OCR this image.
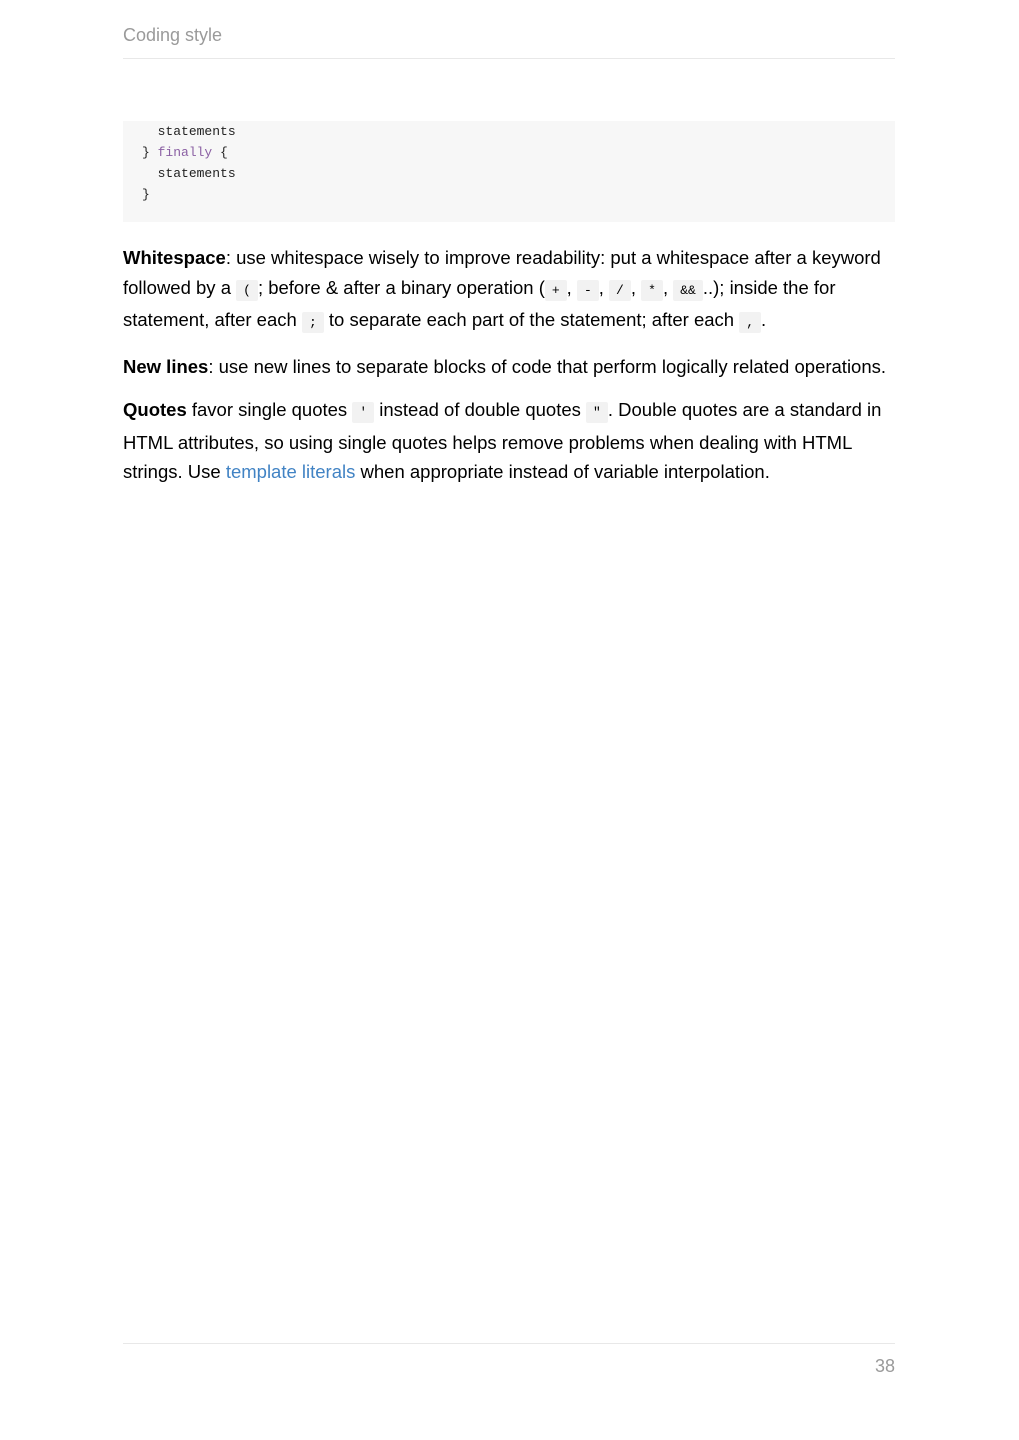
Coding style
statements
} finally {
statements
}

Whitespace: use whitespace wisely to improve readability: put a whitespace after a keyword followed by a ( ; before & after a binary operation ( + , - , / , * , && ..); inside the for statement, after each ; to separate each part of the statement; after each , .

New lines: use new lines to separate blocks of code that perform logically related operations.

Quotes favor single quotes ' instead of double quotes " . Double quotes are a standard in HTML attributes, so using single quotes helps remove problems when dealing with HTML strings. Use template literals when appropriate instead of variable interpolation.

38
